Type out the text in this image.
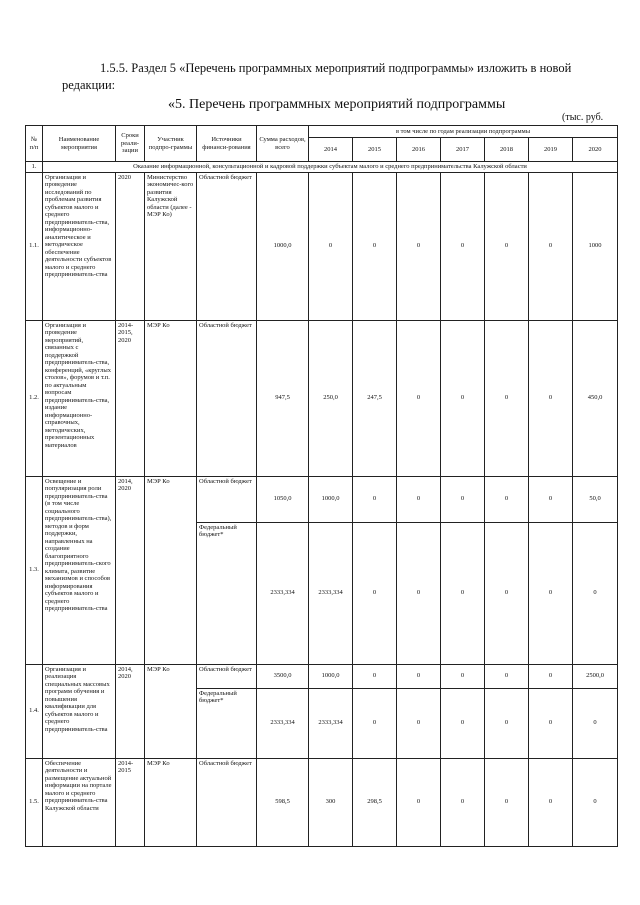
1.5.5. Раздел 5 «Перечень программных мероприятий подпрограммы» изложить в новой редакции:

«5. Перечень программных мероприятий подпрограммы
(тыс. руб.
№ п/п	Наименование мероприятия	Сроки реали-зации	Участник подпро-граммы	Источники финанси-рования	Сумма расходов, всего	в том числе по годам реализации подпрограммы						
						2014	2015	2016	2017	2018	2019	2020
1.	Оказание информационной, консультационной и кадровой поддержки субъектам малого и среднего предпринимательства Калужской области											
1.1.	Организация и проведение исследований по проблемам развития субъектов малого и среднего предприниматель-ства, информационно-аналитическое и методическое обеспечение деятельности субъектов малого и среднего предприниматель-ства	2020	Министерство экономичес-кого развития Калужской области (далее - МЭР Ко)	Областной бюджет	1000,0	0	0	0	0	0	0	1000
1.2.	Организация и проведение мероприятий, связанных с поддержкой предприниматель-ства, конференций, «круглых столов», форумов и т.п. по актуальным вопросам предприниматель-ства, издание информационно-справочных, методических, презентационных материалов	2014-2015, 2020	МЭР Ко	Областной бюджет	947,5	250,0	247,5	0	0	0	0	450,0
1.3.	Освещение и популяризация роли предприниматель-ства (в том числе социального предприниматель-ства), методов и форм поддержки, направленных на создание благоприятного предприниматель-ского климата, развитие механизмов и способов информирования субъектов малого и среднего предприниматель-ства	2014, 2020	МЭР Ко	Областной бюджет	1050,0	1000,0	0	0	0	0	0	50,0
				Федеральный бюджет*	2333,334	2333,334	0	0	0	0	0	0
1.4.	Организация и реализация специальных массовых программ обучения и повышения квалификации для субъектов малого и среднего предприниматель-ства	2014, 2020	МЭР Ко	Областной бюджет	3500,0	1000,0	0	0	0	0	0	2500,0
				Федеральный бюджет*	2333,334	2333,334	0	0	0	0	0	0
1.5.	Обеспечение деятельности и размещение актуальной информации на портале малого и среднего предприниматель-ства Калужской области	2014-2015	МЭР Ко	Областной бюджет	598,5	300	298,5	0	0	0	0	0
